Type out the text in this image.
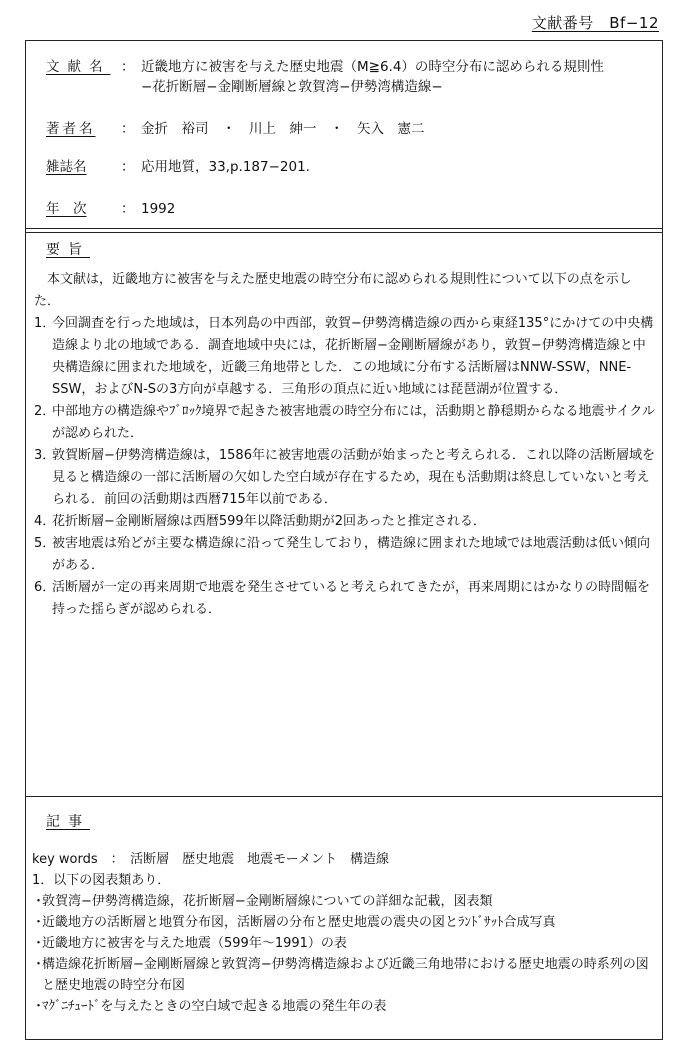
文献番号　Bf−12
文献名 ： 近畿地方に被害を与えた歴史地震（M≧6.4）の時空分布に認められる規則性
−花折断層−金剛断層線と敦賀湾−伊勢湾構造線−
著者名	： 金折　裕司　・　川上　紳一　・　矢入　憲二
雑誌名	： 応用地質，33,p.187−201.
年　次	： 1992
要旨

本文献は，近畿地方に被害を与えた歴史地震の時空分布に認められる規則性について以下の点を示した．

1．
今回調査を行った地域は，日本列島の中西部，敦賀−伊勢湾構造線の西から東経135°にかけての中央構造線より北の地域である．調査地域中央には，花折断層−金剛断層線があり，敦賀−伊勢湾構造線と中央構造線に囲まれた地域を，近畿三角地帯とした．この地域に分布する活断層はNNW-SSW，NNE-SSW，およびN-Sの3方向が卓越する．三角形の頂点に近い地域には琵琶湖が位置する．
2．
中部地方の構造線やﾌﾞﾛｯｸ境界で起きた被害地震の時空分布には，活動期と静穏期からなる地震サイクルが認められた．
3．
敦賀断層−伊勢湾構造線は，1586年に被害地震の活動が始まったと考えられる．これ以降の活断層域を見ると構造線の一部に活断層の欠如した空白域が存在するため，現在も活動期は終息していないと考えられる．前回の活動期は西暦715年以前である．
4．
花折断層−金剛断層線は西暦599年以降活動期が2回あったと推定される．
5．
被害地震は殆どが主要な構造線に沿って発生しており，構造線に囲まれた地域では地震活動は低い傾向がある．
6．
活断層が一定の再来周期で地震を発生させていると考えられてきたが，再来周期にはかなりの時間幅を持った揺らぎが認められる．
記事

key words　：　活断層　歴史地震　地震モーメント　構造線

1．以下の図表類あり．

・
敦賀湾−伊勢湾構造線，花折断層−金剛断層線についての詳細な記載，図表類

・
近畿地方の活断層と地質分布図，活断層の分布と歴史地震の震央の図とﾗﾝﾄﾞｻｯﾄ合成写真

・
近畿地方に被害を与えた地震（599年〜1991）の表

・
構造線花折断層−金剛断層線と敦賀湾−伊勢湾構造線および近畿三角地帯における歴史地震の時系列の図と歴史地震の時空分布図

・
ﾏｸﾞﾆﾁｭｰﾄﾞを与えたときの空白域で起きる地震の発生年の表
